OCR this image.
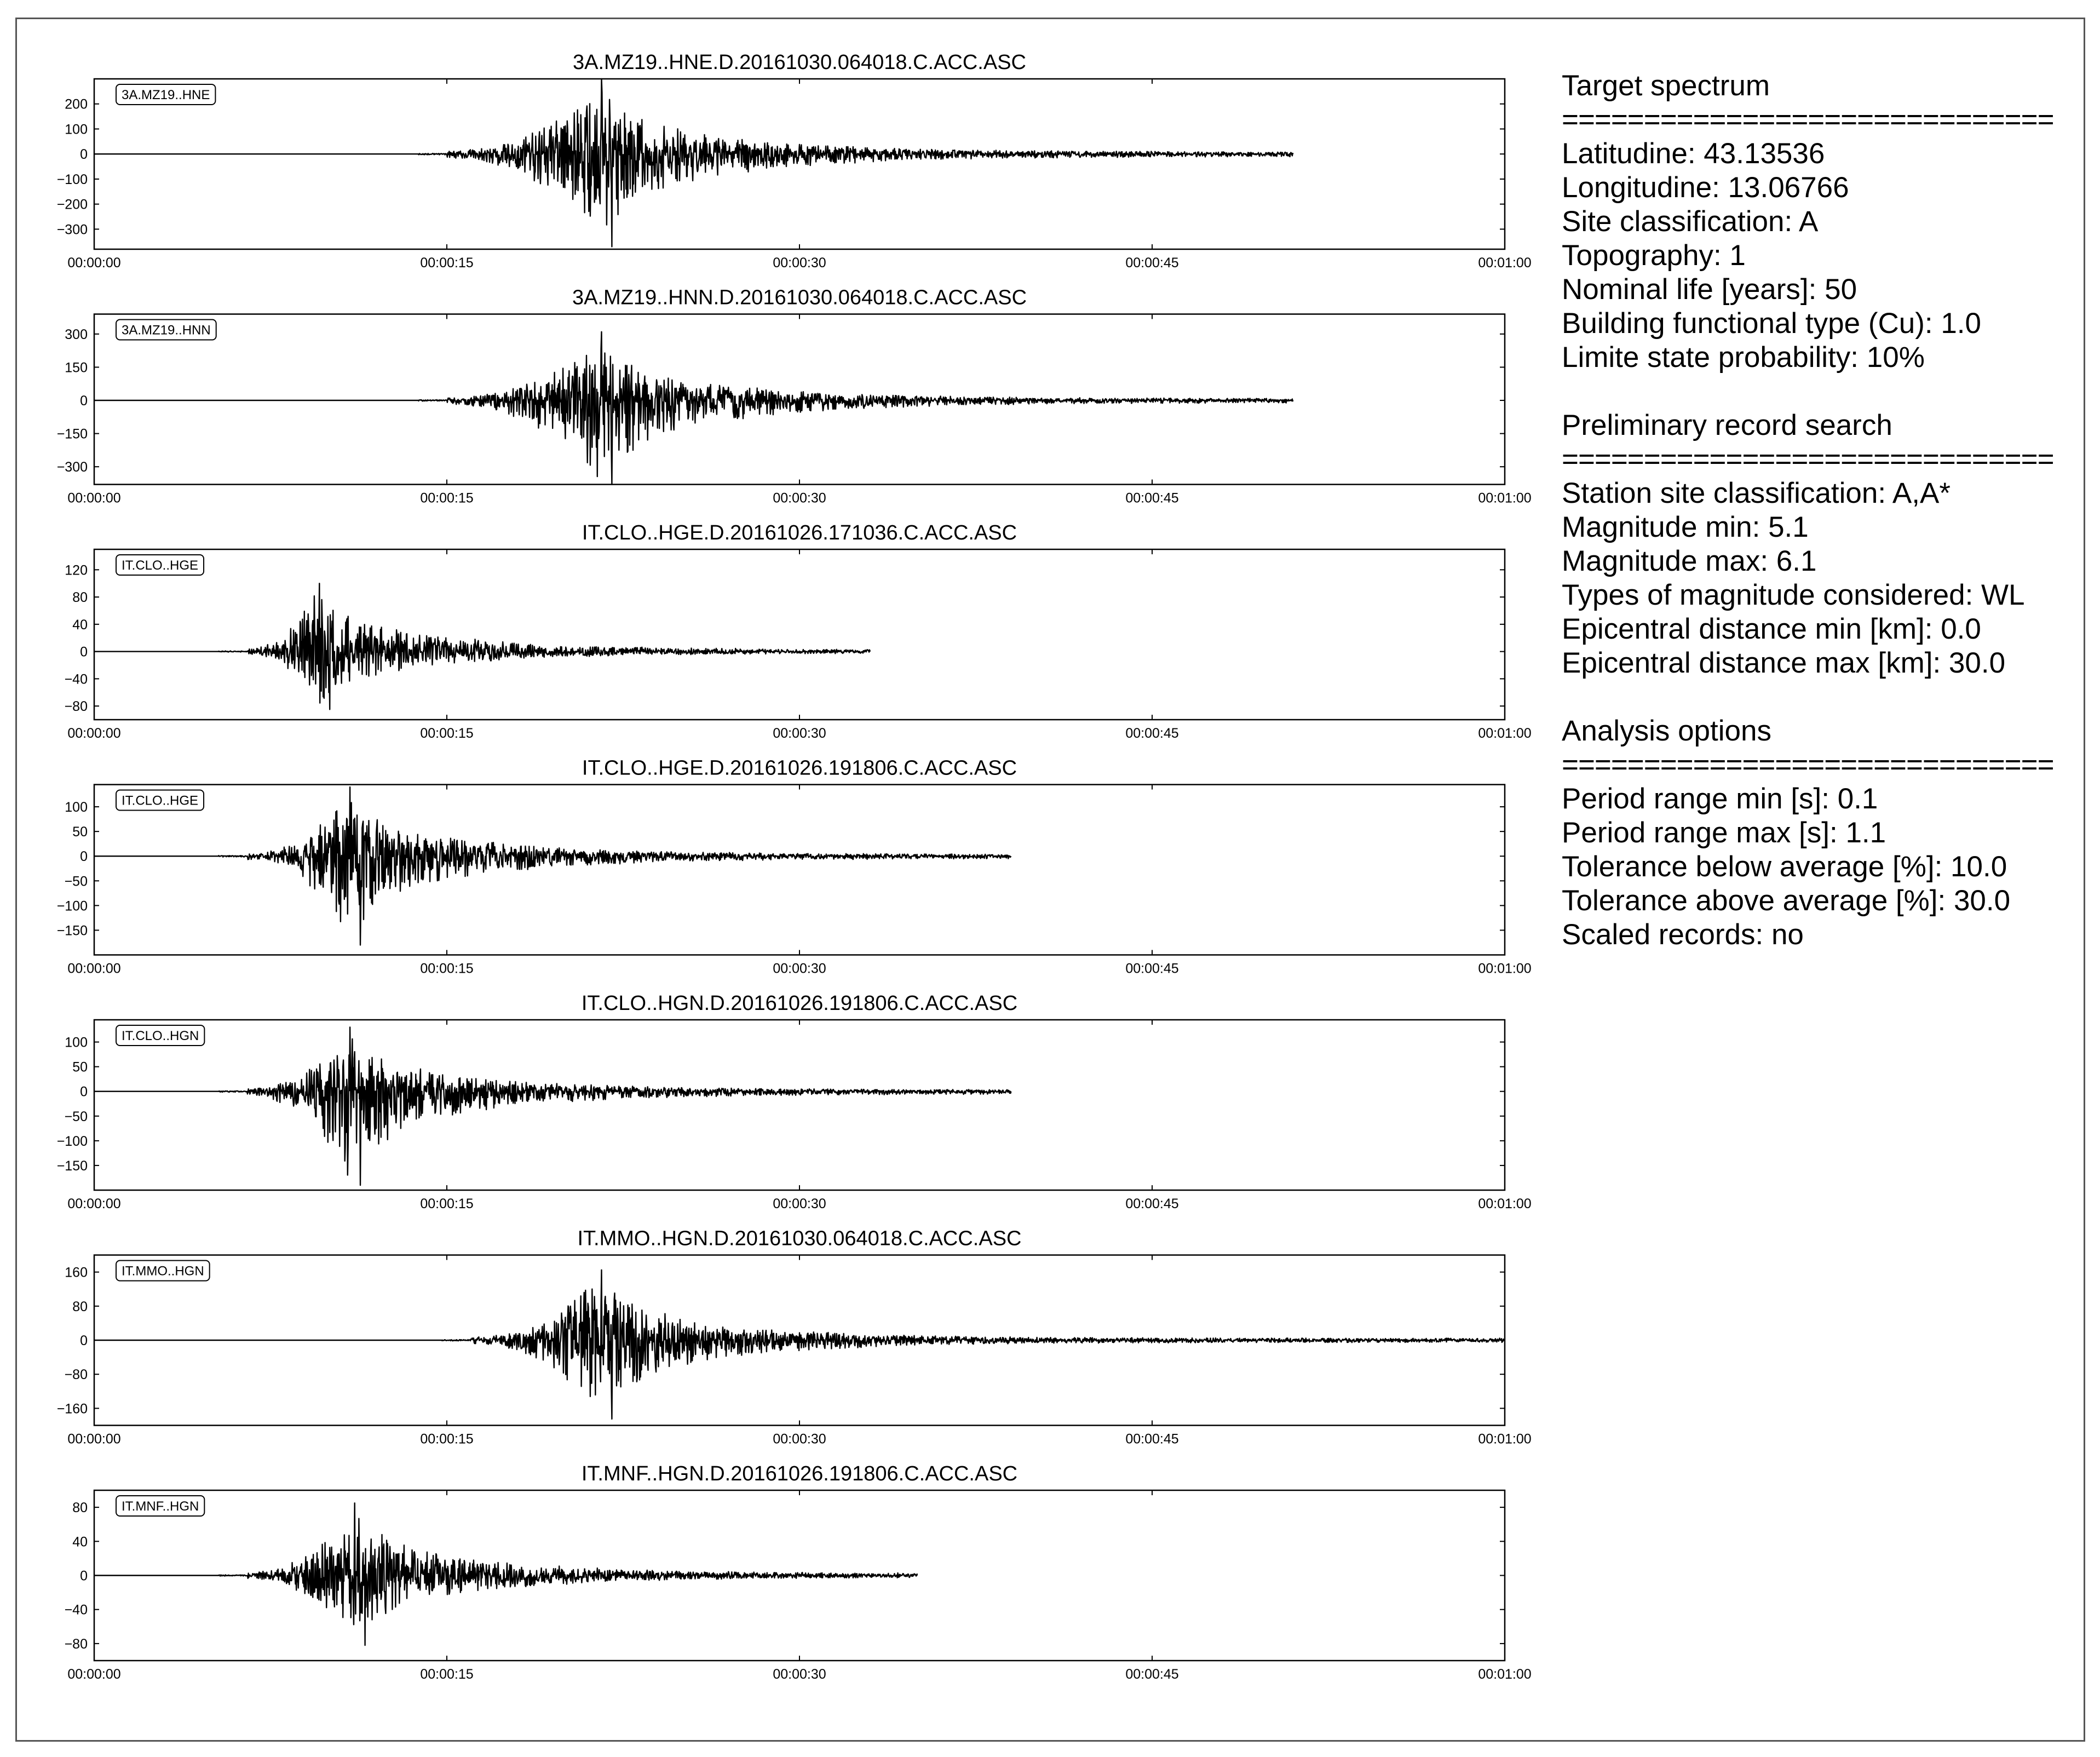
3A.MZ19..HNE.D.20161030.064018.C.ACC.ASC
200
100
0
−100
−200
−300
00:00:00	00:00:15	00:00:30	00:00:45	00:01:00
3A.MZ19..HNE
3A.MZ19..HNN.D.20161030.064018.C.ACC.ASC
300
150
0
−150
−300
00:00:00	00:00:15	00:00:30	00:00:45	00:01:00
3A.MZ19..HNN
IT.CLO..HGE.D.20161026.171036.C.ACC.ASC
120
80
40
0
−40
−80
00:00:00	00:00:15	00:00:30	00:00:45	00:01:00
IT.CLO..HGE
IT.CLO..HGE.D.20161026.191806.C.ACC.ASC
100
50
0
−50
−100
−150
00:00:00	00:00:15	00:00:30	00:00:45	00:01:00
IT.CLO..HGE
IT.CLO..HGN.D.20161026.191806.C.ACC.ASC
100
50
0
−50
−100
−150
00:00:00	00:00:15	00:00:30	00:00:45	00:01:00
IT.CLO..HGN
IT.MMO..HGN.D.20161030.064018.C.ACC.ASC
160
80
0
−80
−160
00:00:00	00:00:15	00:00:30	00:00:45	00:01:00
IT.MMO..HGN
IT.MNF..HGN.D.20161026.191806.C.ACC.ASC
80
40
0
−40
−80
00:00:00	00:00:15	00:00:30	00:00:45	00:01:00
IT.MNF..HGN
Target spectrum
==============================
Latitudine: 43.13536
Longitudine: 13.06766
Site classification: A
Topography: 1
Nominal life [years]: 50
Building functional type (Cu): 1.0
Limite state probability: 10%
Preliminary record search
==============================
Station site classification: A,A*
Magnitude min: 5.1
Magnitude max: 6.1
Types of magnitude considered: WL
Epicentral distance min [km]: 0.0
Epicentral distance max [km]: 30.0
Analysis options
==============================
Period range min [s]: 0.1
Period range max [s]: 1.1
Tolerance below average [%]: 10.0
Tolerance above average [%]: 30.0
Scaled records: no
